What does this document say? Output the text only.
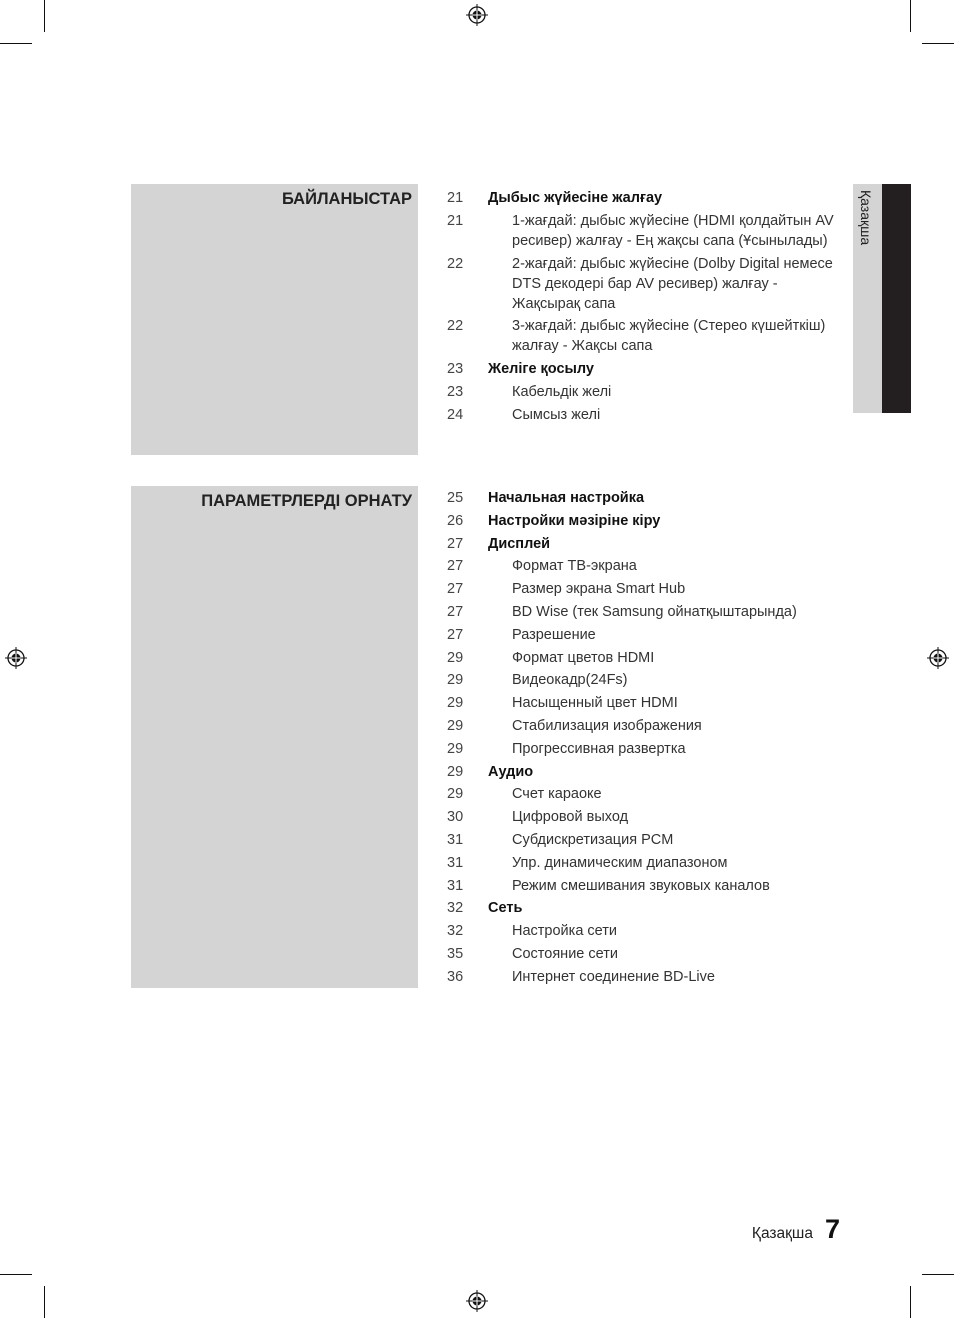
БАЙЛАНЫСТАР 21	Дыбыс жүйесіне жалғау
21	1-жағдай: дыбыс жүйесіне (HDMI қолдайтын AV ресивер) жалғау - Ең жақсы сапа (Ұсынылады)
22	2-жағдай: дыбыс жүйесіне (Dolby Digital немесе DTS декодері бар AV ресивер) жалғау - Жақсырақ сапа
22	3-жағдай: дыбыс жүйесіне (Стерео күшейткіш) жалғау - Жақсы сапа
23	Желіге қосылу
23	Кабельдік желі
24	Сымсыз желі
ПАРАМЕТРЛЕРДІ ОРНАТУ 25	Начальная настройка
26	Настройки мәзіріне кіру
27	Дисплей
27	Формат ТВ-экрана
27	Размер экрана Smart Hub
27	BD Wise (тек Samsung ойнатқыштарында)
27	Разрешение
29	Формат цветов HDMI
29	Видеокадр(24Fs)
29	Насыщенный цвет HDMI
29	Стабилизация изображения
29	Прогрессивная развертка
29	Аудио
29	Счет караоке
30	Цифровой выход
31	Субдискретизация PCM
31	Упр. динамическим диапазоном
31	Режим смешивания звуковых каналов
32	Сеть
32	Настройка сети
35	Состояние сети
36	Интернет соединение BD-Live
Қазақша
Қазақша 7
